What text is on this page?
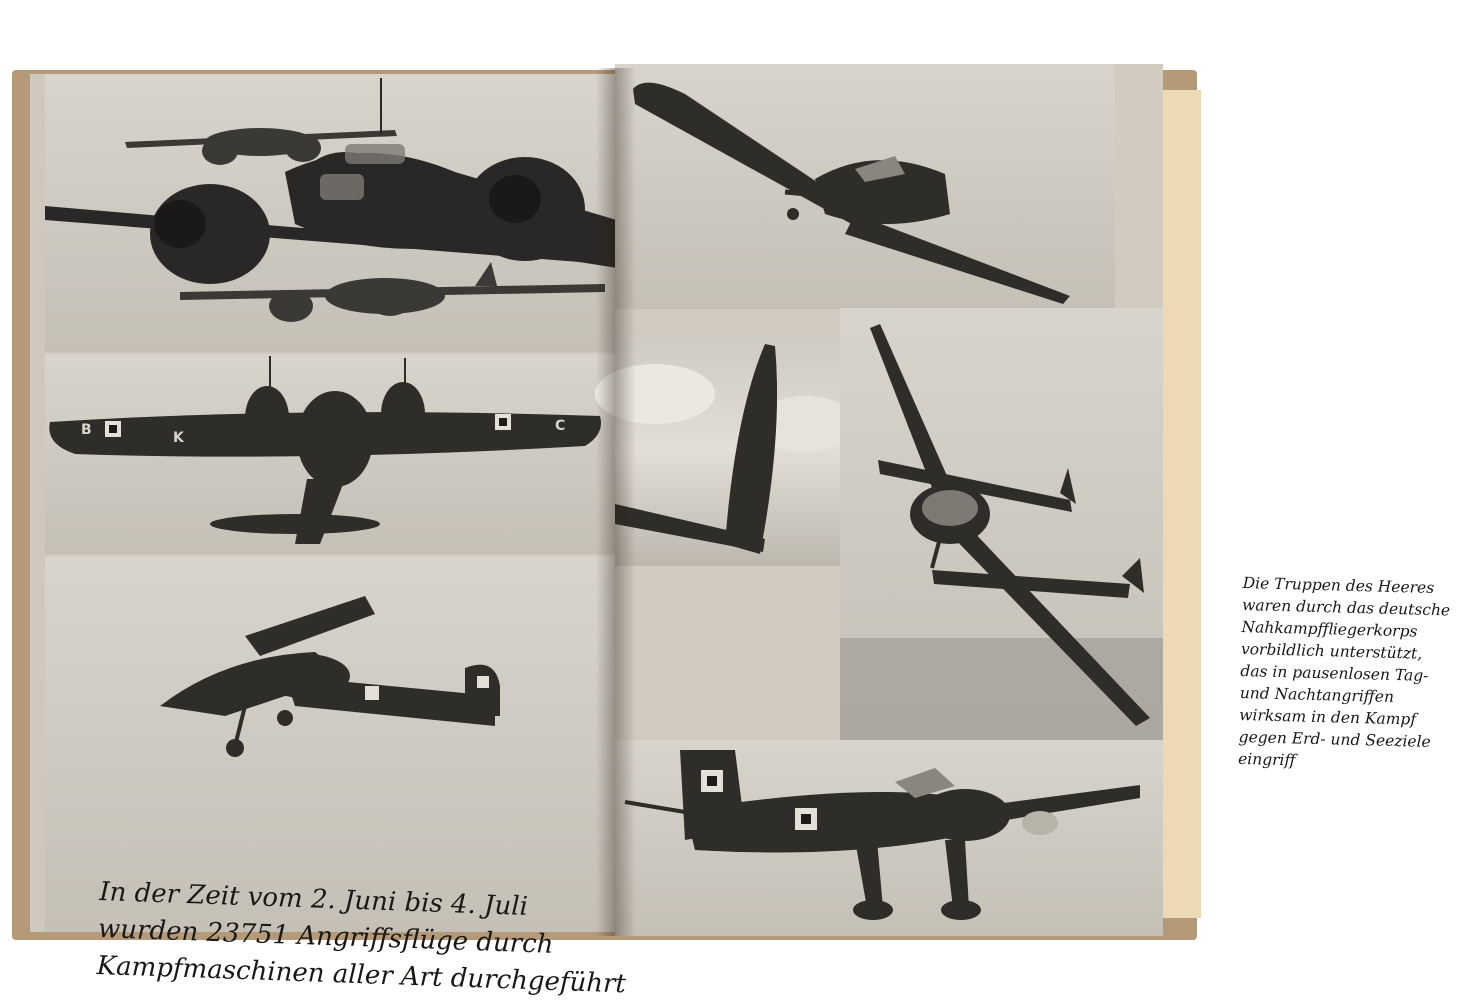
B	K
C

In der Zeit vom 2. Juni bis 4. Juli
wurden 23751 Angriffsflüge durch
Kampfmaschinen aller Art durchgeführt

Die Truppen des Heeres
waren durch das deutsche
Nahkampffliegerkorps
vorbildlich unterstützt,
das in pausenlosen Tag-
und Nachtangriffen
wirksam in den Kampf
gegen Erd- und Seeziele
eingriff
